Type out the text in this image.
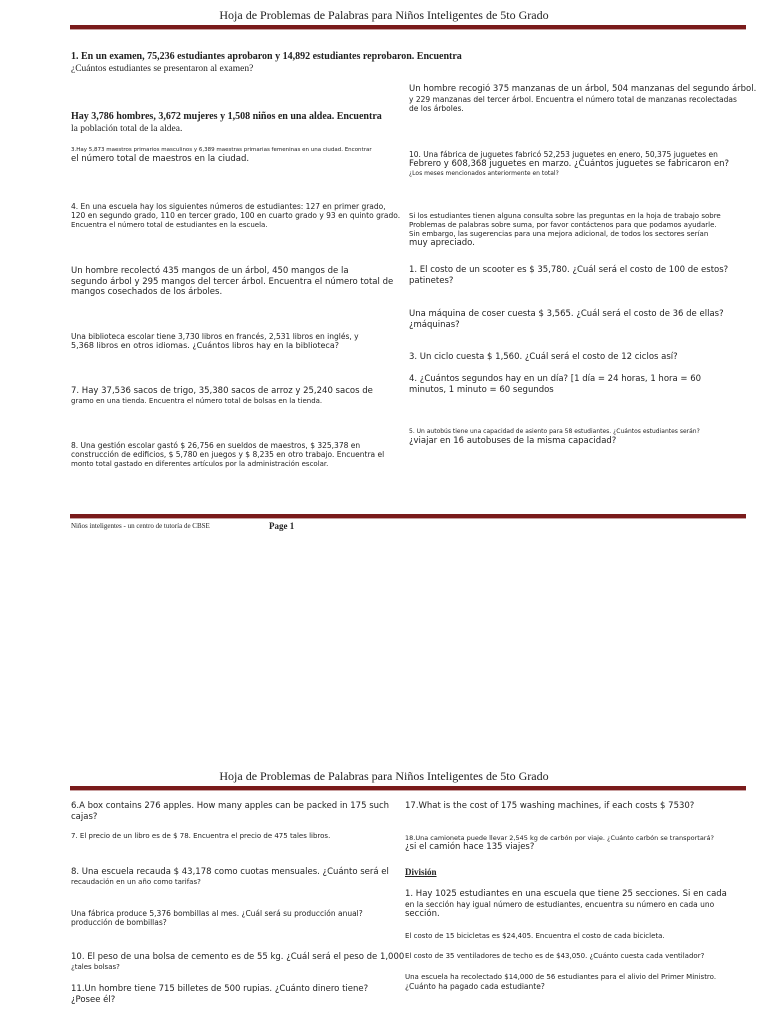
Hoja de Problemas de Palabras para Niños Inteligentes de 5to Grado
1. En un examen, 75,236 estudiantes aprobaron y 14,892 estudiantes reprobaron. Encuentra
¿Cuántos estudiantes se presentaron al examen?
Hay 3,786 hombres, 3,672 mujeres y 1,508 niños en una aldea. Encuentra
la población total de la aldea.
3.Hay 5,873 maestros primarios masculinos y 6,389 maestras primarias femeninas en una ciudad. Encontrar
el número total de maestros en la ciudad.
4. En una escuela hay los siguientes números de estudiantes: 127 en primer grado,
120 en segundo grado, 110 en tercer grado, 100 en cuarto grado y 93 en quinto grado.
Encuentra el número total de estudiantes en la escuela.
Un hombre recolectó 435 mangos de un árbol, 450 mangos de la
segundo árbol y 295 mangos del tercer árbol. Encuentra el número total de
mangos cosechados de los árboles.
Una biblioteca escolar tiene 3,730 libros en francés, 2,531 libros en inglés, y
5,368 libros en otros idiomas. ¿Cuántos libros hay en la biblioteca?
7. Hay 37,536 sacos de trigo, 35,380 sacos de arroz y 25,240 sacos de
gramo en una tienda. Encuentra el número total de bolsas en la tienda.
8. Una gestión escolar gastó $ 26,756 en sueldos de maestros, $ 325,378 en
construcción de edificios, $ 5,780 en juegos y $ 8,235 en otro trabajo. Encuentra el
monto total gastado en diferentes artículos por la administración escolar.
Un hombre recogió 375 manzanas de un árbol, 504 manzanas del segundo árbol.
y 229 manzanas del tercer árbol. Encuentra el número total de manzanas recolectadas
de los árboles.
10. Una fábrica de juguetes fabricó 52,253 juguetes en enero, 50,375 juguetes en
Febrero y 608,368 juguetes en marzo. ¿Cuántos juguetes se fabricaron en?
¿Los meses mencionados anteriormente en total?
Si los estudiantes tienen alguna consulta sobre las preguntas en la hoja de trabajo sobre
Problemas de palabras sobre suma, por favor contáctenos para que podamos ayudarle.
Sin embargo, las sugerencias para una mejora adicional, de todos los sectores serían
muy apreciado.
1. El costo de un scooter es $ 35,780. ¿Cuál será el costo de 100 de estos?
patinetes?
Una máquina de coser cuesta $ 3,565. ¿Cuál será el costo de 36 de ellas?
¿máquinas?
3. Un ciclo cuesta $ 1,560. ¿Cuál será el costo de 12 ciclos así?
4. ¿Cuántos segundos hay en un día? [1 día = 24 horas, 1 hora = 60
minutos, 1 minuto = 60 segundos
5. Un autobús tiene una capacidad de asiento para 58 estudiantes. ¿Cuántos estudiantes serán?
¿viajar en 16 autobuses de la misma capacidad?
Niños inteligentes - un centro de tutoría de CBSE	Page 1
Hoja de Problemas de Palabras para Niños Inteligentes de 5to Grado
6.A box contains 276 apples. How many apples can be packed in 175 such
cajas?
7. El precio de un libro es de $ 78. Encuentra el precio de 475 tales libros.
8. Una escuela recauda $ 43,178 como cuotas mensuales. ¿Cuánto será el
recaudación en un año como tarifas?
Una fábrica produce 5,376 bombillas al mes. ¿Cuál será su producción anual?
producción de bombillas?
10. El peso de una bolsa de cemento es de 55 kg. ¿Cuál será el peso de 1,000
¿tales bolsas?
11.Un hombre tiene 715 billetes de 500 rupias. ¿Cuánto dinero tiene?
¿Posee él?
17.What is the cost of 175 washing machines, if each costs $ 7530?
18.Una camioneta puede llevar 2,545 kg de carbón por viaje. ¿Cuánto carbón se transportará?
¿si el camión hace 135 viajes?
División
1. Hay 1025 estudiantes en una escuela que tiene 25 secciones. Si en cada
en la sección hay igual número de estudiantes, encuentra su número en cada uno
sección.
El costo de 15 bicicletas es $24,405. Encuentra el costo de cada bicicleta.
El costo de 35 ventiladores de techo es de $43,050. ¿Cuánto cuesta cada ventilador?
Una escuela ha recolectado $14,000 de 56 estudiantes para el alivio del Primer Ministro.
¿Cuánto ha pagado cada estudiante?
